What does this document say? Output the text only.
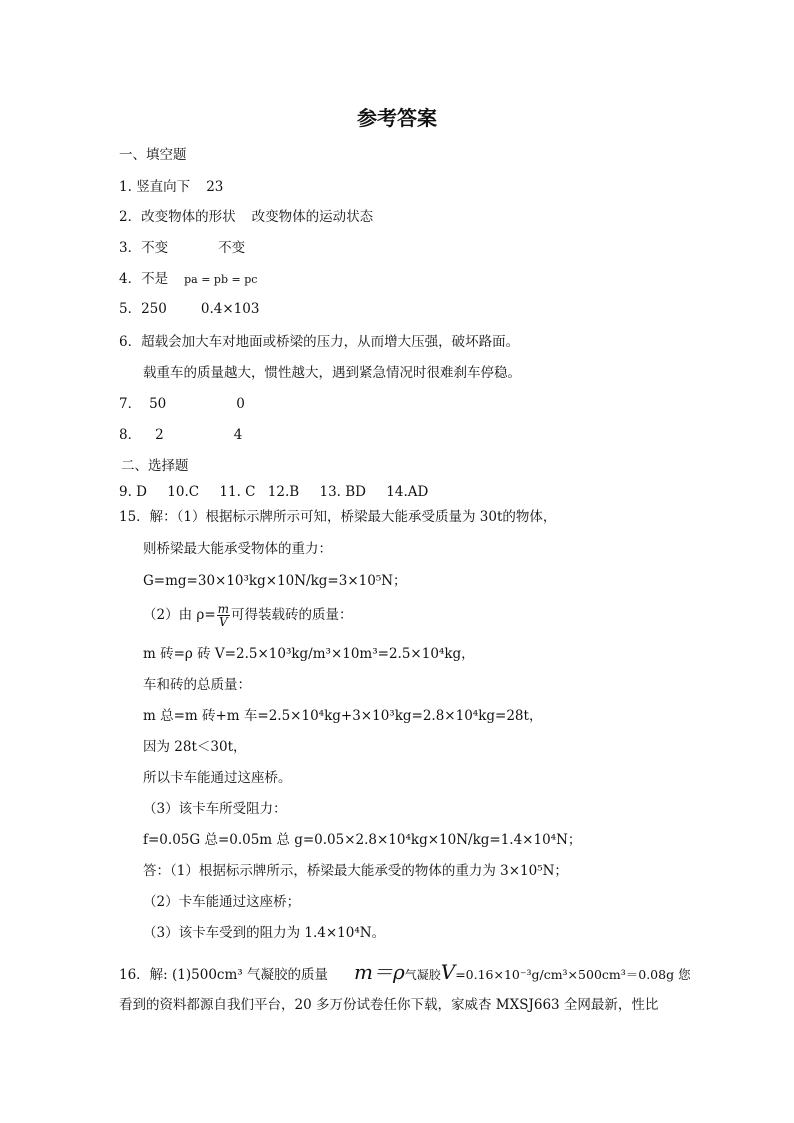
参考答案
一、填空题
1. 竖直向下 23
2．改变物体的形状 改变物体的运动状态
3．不变	不变
4．不是 pa = pb = pc
5．250	0.4×103
6．超载会加大车对地面或桥梁的压力，从而增大压强，破坏路面。
载重车的质量越大，惯性越大，遇到紧急情况时很难刹车停稳。
7． 50	0
8． 2	4
二、选择题
9. D 10.C 11. C 12.B 13. BD 14.AD
15．解：（1）根据标示牌所示可知，桥梁最大能承受质量为 30t的物体，
则桥梁最大能承受物体的重力：
G=mg=30×10³kg×10N/kg=3×10⁵N；
（2）由 $\rho= \frac{m}{V}$ 可得装载砖的质量：
m 砖=ρ 砖 V=2.5×10³kg/m³×10m³=2.5×10⁴kg，
车和砖的总质量：
m 总=m 砖+m 车=2.5×10⁴kg+3×10³kg=2.8×10⁴kg=28t，
因为 28t＜30t，
所以卡车能通过这座桥。
（3）该卡车所受阻力：
f=0.05G 总=0.05m 总 g=0.05×2.8×10⁴kg×10N/kg=1.4×10⁴N；
答：（1）根据标示牌所示，桥梁最大能承受的物体的重力为 3×10⁵N；
（2）卡车能通过这座桥；
（3）该卡车受到的阻力为 1.4×10⁴N。
16．解: (1)500cm³ 气凝胶的质量 m＝ρ气凝胶V=0.16×10⁻³g/cm³×500cm³＝0.08g 您
看到的资料都源自我们平台，20 多万份试卷任你下载，家威杏 MXSJ663 全网最新，性比
